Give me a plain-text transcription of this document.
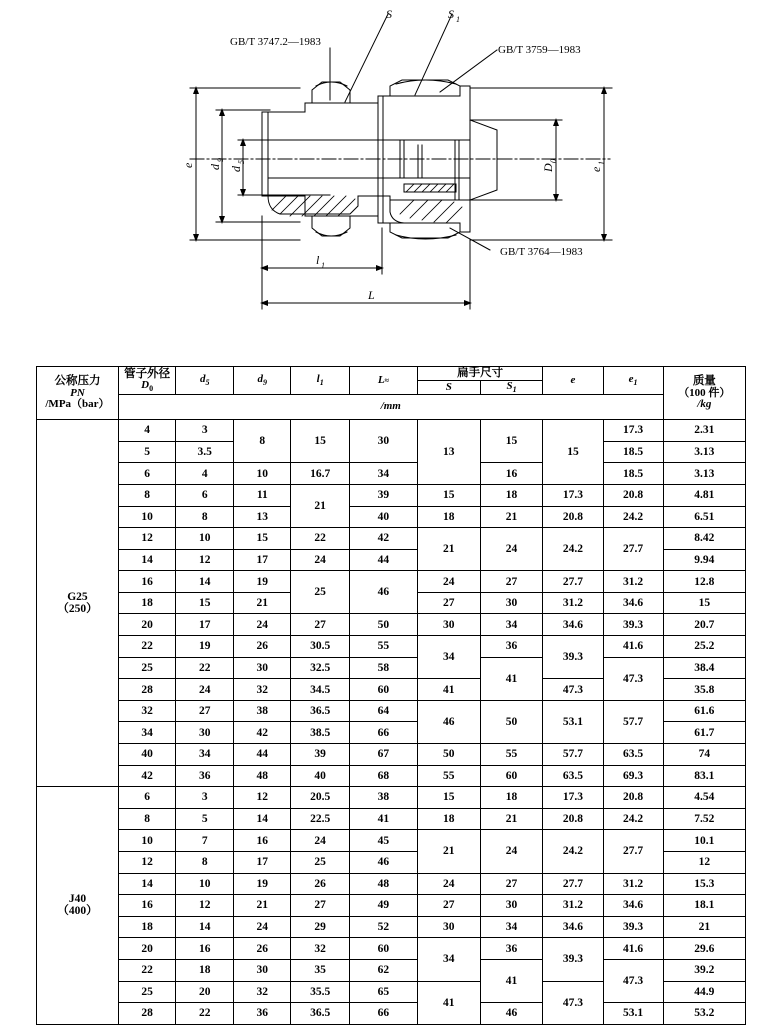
GB/T 3747.2—1983
GB/T 3759—1983
GB/T 3764—1983
S	S 1
e d
9
d
5
D
0
e
1
l 1
L
公称压力
PN
/MPa（bar）

管子外径
$D_0$
	$d_5$	$d_9$	$l_1$	L≈	扁手尺寸	e	$e_1$	质量
（100 件）
/kg

						S	$S_1$
	/mm									

G25
（250）	4	3	8	15	30	13	15	15	17.3	2.31
	5	3.5							18.5	3.13
	6	4	10	16.7	34		16		18.5	3.13
	8	6	11	21	39	15	18	17.3	20.8	4.81
	10	8	13		40	18	21	20.8	24.2	6.51
	12	10	15	22	42	21	24	24.2	27.7	8.42
	14	12	17	24	44					9.94
	16	14	19	25	46	24	27	27.7	31.2	12.8
	18	15	21			27	30	31.2	34.6	15
	20	17	24	27	50	30	34	34.6	39.3	20.7
	22	19	26	30.5	55	34	36	39.3	41.6	25.2
	25	22	30	32.5	58		41		47.3	38.4
	28	24	32	34.5	60	41		47.3		35.8
	32	27	38	36.5	64	46	50	53.1	57.7	61.6
	34	30	42	38.5	66					61.7
	40	34	44	39	67	50	55	57.7	63.5	74
	42	36	48	40	68	55	60	63.5	69.3	83.1

J40
（400）	6	3	12	20.5	38	15	18	17.3	20.8	4.54
	8	5	14	22.5	41	18	21	20.8	24.2	7.52
	10	7	16	24	45	21	24	24.2	27.7	10.1
	12	8	17	25	46					12
	14	10	19	26	48	24	27	27.7	31.2	15.3
	16	12	21	27	49	27	30	31.2	34.6	18.1
	18	14	24	29	52	30	34	34.6	39.3	21
	20	16	26	32	60	34	36	39.3	41.6	29.6
	22	18	30	35	62		41		47.3	39.2
	25	20	32	35.5	65	41		47.3		44.9
	28	22	36	36.5	66		46		53.1	53.2
